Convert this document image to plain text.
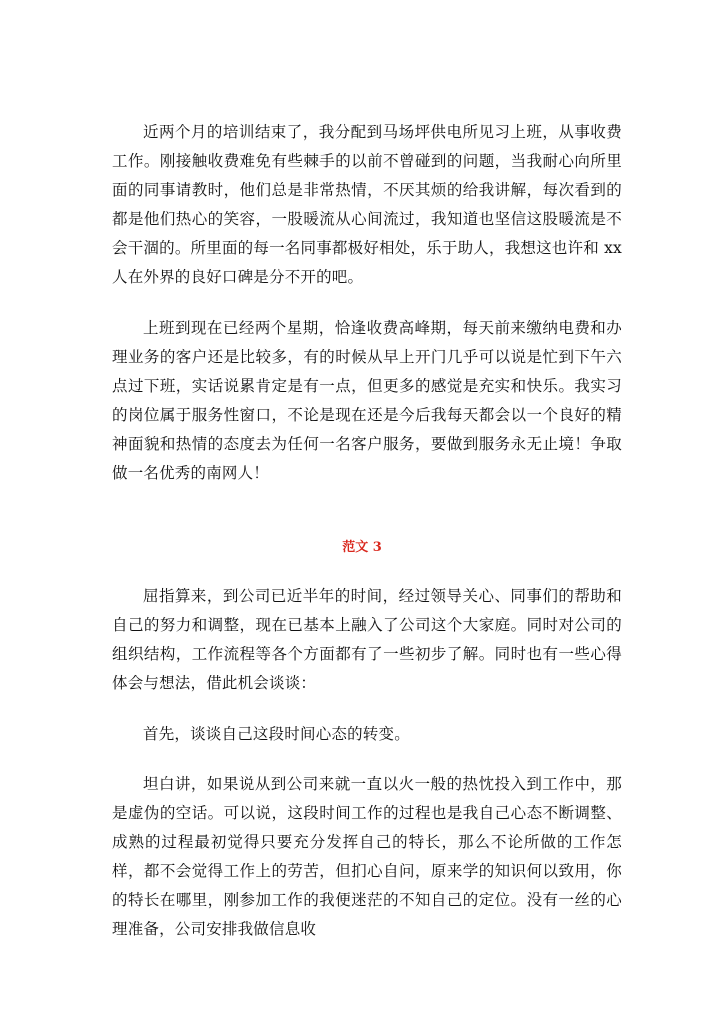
近两个月的培训结束了，我分配到马场坪供电所见习上班，从事收费工作。刚接触收费难免有些棘手的以前不曾碰到的问题，当我耐心向所里面的同事请教时，他们总是非常热情，不厌其烦的给我讲解，每次看到的都是他们热心的笑容，一股暖流从心间流过，我知道也坚信这股暖流是不会干涸的。所里面的每一名同事都极好相处，乐于助人，我想这也许和 xx 人在外界的良好口碑是分不开的吧。

上班到现在已经两个星期，恰逢收费高峰期，每天前来缴纳电费和办理业务的客户还是比较多，有的时候从早上开门几乎可以说是忙到下午六点过下班，实话说累肯定是有一点，但更多的感觉是充实和快乐。我实习的岗位属于服务性窗口，不论是现在还是今后我每天都会以一个良好的精神面貌和热情的态度去为任何一名客户服务，要做到服务永无止境！争取做一名优秀的南网人！

范文 3

屈指算来，到公司已近半年的时间，经过领导关心、同事们的帮助和自己的努力和调整，现在已基本上融入了公司这个大家庭。同时对公司的组织结构，工作流程等各个方面都有了一些初步了解。同时也有一些心得体会与想法，借此机会谈谈：

首先，谈谈自己这段时间心态的转变。

坦白讲，如果说从到公司来就一直以火一般的热忱投入到工作中，那是虚伪的空话。可以说，这段时间工作的过程也是我自己心态不断调整、成熟的过程最初觉得只要充分发挥自己的特长，那么不论所做的工作怎样，都不会觉得工作上的劳苦，但扪心自问，原来学的知识何以致用，你的特长在哪里，刚参加工作的我便迷茫的不知自己的定位。没有一丝的心理准备，公司安排我做信息收
